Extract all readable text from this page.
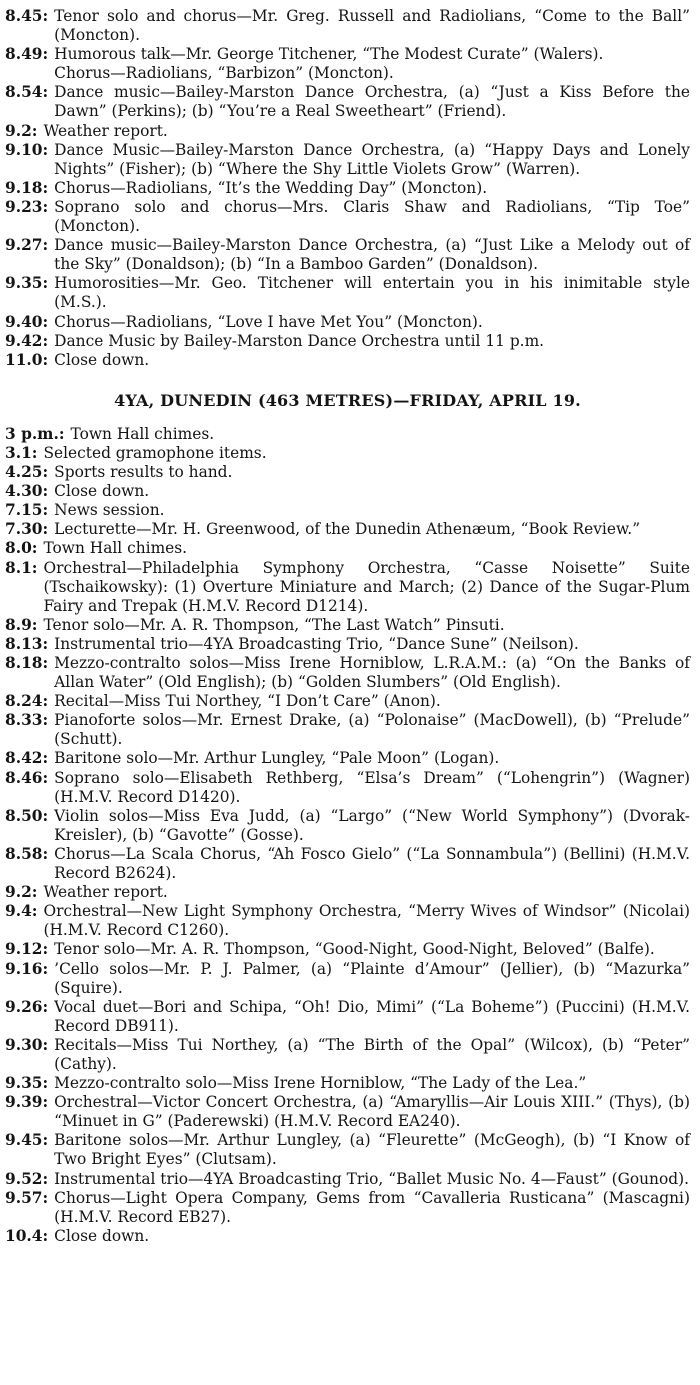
8.45: Tenor solo and chorus—Mr. Greg. Russell and Radiolians, “Come to the Ball” (Moncton).
8.49: Humorous talk—Mr. George Titchener, “The Modest Curate” (Walers).
Chorus—Radiolians, “Barbizon” (Moncton).
8.54: Dance music—Bailey-Marston Dance Orchestra, (a) “Just a Kiss Before the Dawn” (Perkins); (b) “You’re a Real Sweetheart” (Friend).
9.2: Weather report.
9.10: Dance Music—Bailey-Marston Dance Orchestra, (a) “Happy Days and Lonely Nights” (Fisher); (b) “Where the Shy Little Violets Grow” (Warren).
9.18: Chorus—Radiolians, “It’s the Wedding Day” (Moncton).
9.23: Soprano solo and chorus—Mrs. Claris Shaw and Radiolians, “Tip Toe” (Moncton).
9.27: Dance music—Bailey-Marston Dance Orchestra, (a) “Just Like a Melody out of the Sky” (Donaldson); (b) “In a Bamboo Garden” (Donaldson).
9.35: Humorosities—Mr. Geo. Titchener will entertain you in his inimitable style (M.S.).
9.40: Chorus—Radiolians, “Love I have Met You” (Moncton).
9.42: Dance Music by Bailey-Marston Dance Orchestra until 11 p.m.
11.0: Close down.
4YA, DUNEDIN (463 METRES)—FRIDAY, APRIL 19.
3 p.m.: Town Hall chimes.
3.1: Selected gramophone items.
4.25: Sports results to hand.
4.30: Close down.
7.15: News session.
7.30: Lecturette—Mr. H. Greenwood, of the Dunedin Athenæum, “Book Review.”
8.0: Town Hall chimes.
8.1: Orchestral—Philadelphia Symphony Orchestra, “Casse Noisette” Suite (Tschaikowsky): (1) Overture Miniature and March; (2) Dance of the Sugar-Plum Fairy and Trepak (H.M.V. Record D1214).
8.9: Tenor solo—Mr. A. R. Thompson, “The Last Watch” Pinsuti.
8.13: Instrumental trio—4YA Broadcasting Trio, “Dance Sune” (Neilson).
8.18: Mezzo-contralto solos—Miss Irene Horniblow, L.R.A.M.: (a) “On the Banks of Allan Water” (Old English); (b) “Golden Slumbers” (Old English).
8.24: Recital—Miss Tui Northey, “I Don’t Care” (Anon).
8.33: Pianoforte solos—Mr. Ernest Drake, (a) “Polonaise” (MacDowell), (b) “Prelude” (Schutt).
8.42: Baritone solo—Mr. Arthur Lungley, “Pale Moon” (Logan).
8.46: Soprano solo—Elisabeth Rethberg, “Elsa’s Dream” (“Lohengrin”) (Wagner) (H.M.V. Record D1420).
8.50: Violin solos—Miss Eva Judd, (a) “Largo” (“New World Symphony”) (Dvorak-Kreisler), (b) “Gavotte” (Gosse).
8.58: Chorus—La Scala Chorus, “Ah Fosco Gielo” (“La Sonnambula”) (Bellini) (H.M.V. Record B2624).
9.2: Weather report.
9.4: Orchestral—New Light Symphony Orchestra, “Merry Wives of Windsor” (Nicolai) (H.M.V. Record C1260).
9.12: Tenor solo—Mr. A. R. Thompson, “Good-Night, Good-Night, Beloved” (Balfe).
9.16: ’Cello solos—Mr. P. J. Palmer, (a) “Plainte d’Amour” (Jellier), (b) “Mazurka” (Squire).
9.26: Vocal duet—Bori and Schipa, “Oh! Dio, Mimi” (“La Boheme”) (Puccini) (H.M.V. Record DB911).
9.30: Recitals—Miss Tui Northey, (a) “The Birth of the Opal” (Wilcox), (b) “Peter” (Cathy).
9.35: Mezzo-contralto solo—Miss Irene Horniblow, “The Lady of the Lea.”
9.39: Orchestral—Victor Concert Orchestra, (a) “Amaryllis—Air Louis XIII.” (Thys), (b) “Minuet in G” (Paderewski) (H.M.V. Record EA240).
9.45: Baritone solos—Mr. Arthur Lungley, (a) “Fleurette” (McGeogh), (b) “I Know of Two Bright Eyes” (Clutsam).
9.52: Instrumental trio—4YA Broadcasting Trio, “Ballet Music No. 4—Faust” (Gounod).
9.57: Chorus—Light Opera Company, Gems from “Cavalleria Rusticana” (Mascagni) (H.M.V. Record EB27).
10.4: Close down.
